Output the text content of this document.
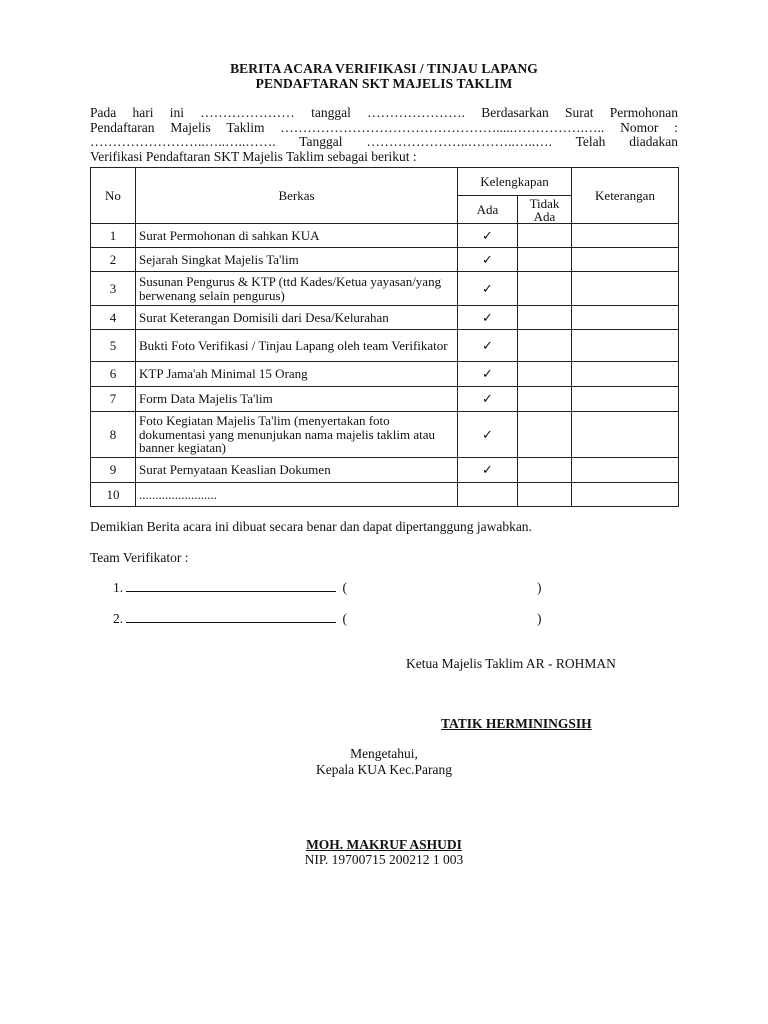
BERITA ACARA VERIFIKASI / TINJAU LAPANG
PENDAFTARAN SKT MAJELIS TAKLIM
Pada hari ini ………………… tanggal …………………. Berdasarkan Surat Permohonan
Pendaftaran Majelis Taklim ………………………………………….....…………….….. Nomor :
……………………..…..…..……. Tanggal …………………..………..…..…. Telah diadakan
Verifikasi Pendaftaran SKT Majelis Taklim sebagai berikut :
No	Berkas	Kelengkapan		Keterangan
		Ada	Tidak Ada	
1	Surat Permohonan di sahkan KUA	✓		
2	Sejarah Singkat Majelis Ta'lim	✓		
3	Susunan Pengurus & KTP (ttd Kades/Ketua yayasan/yang berwenang selain pengurus)	✓		
4	Surat Keterangan Domisili dari Desa/Kelurahan	✓		
5	Bukti Foto Verifikasi / Tinjau Lapang oleh team Verifikator	✓		
6	KTP Jama'ah Minimal 15 Orang	✓		
7	Form Data Majelis Ta'lim	✓		
8	Foto Kegiatan Majelis Ta'lim (menyertakan foto dokumentasi yang menunjukan nama majelis taklim atau banner kegiatan)	✓		
9	Surat Pernyataan Keaslian Dokumen	✓		
10	........................			
Demikian Berita acara ini dibuat secara benar dan dapat dipertanggung jawabkan.
Team Verifikator :
1.	(	)
2.	(	)
Ketua Majelis Taklim AR - ROHMAN
TATIK HERMININGSIH
Mengetahui,
Kepala KUA Kec.Parang
MOH. MAKRUF ASHUDI
NIP. 19700715 200212 1 003
